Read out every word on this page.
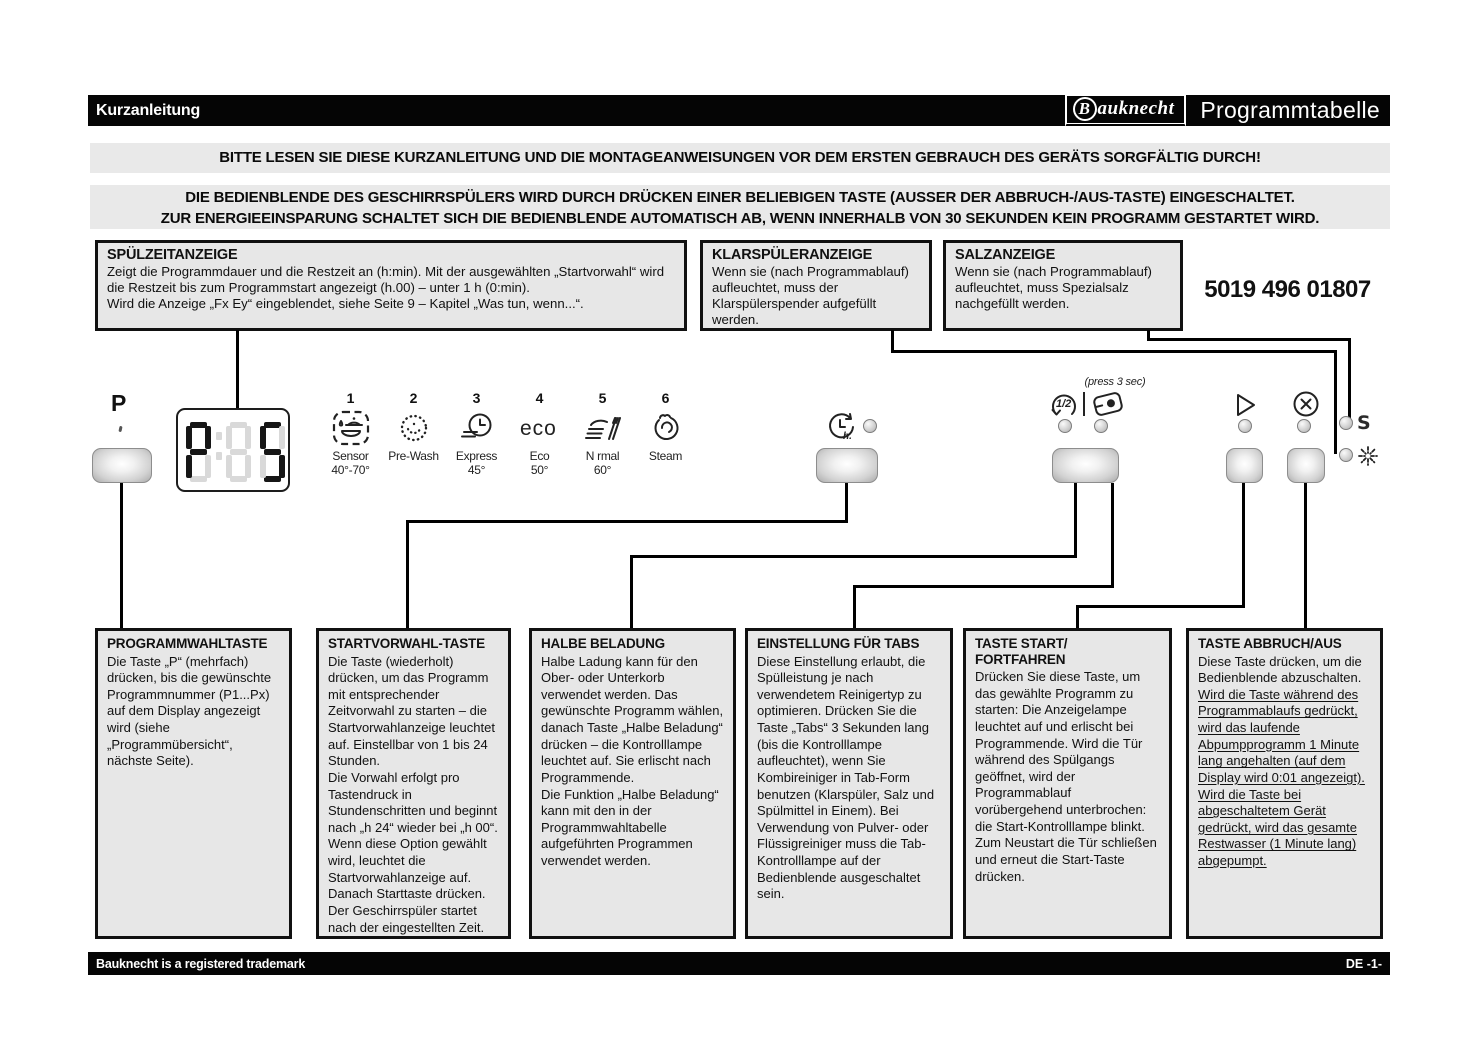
Kurzanleitung	B auknecht	Programmtabelle
BITTE LESEN SIE DIESE KURZANLEITUNG UND DIE MONTAGEANWEISUNGEN VOR DEM ERSTEN GEBRAUCH DES GERÄTS SORGFÄLTIG DURCH!
DIE BEDIENBLENDE DES GESCHIRRSPÜLERS WIRD DURCH DRÜCKEN EINER BELIEBIGEN TASTE (AUSSER DER ABBRUCH-/AUS-TASTE) EINGESCHALTET.
ZUR ENERGIEEINSPARUNG SCHALTET SICH DIE BEDIENBLENDE AUTOMATISCH AB, WENN INNERHALB VON 30 SEKUNDEN KEIN PROGRAMM GESTARTET WIRD.
SPÜLZEITANZEIGE
Zeigt die Programmdauer und die Restzeit an (h:min). Mit der ausgewählten „Startvorwahl“ wird die Restzeit bis zum Programmstart angezeigt (h.00) – unter 1 h (0:min).
Wird die Anzeige „Fx Ey“ eingeblendet, siehe Seite 9 – Kapitel „Was tun, wenn...“.
KLARSPÜLERANZEIGE
Wenn sie (nach Programmablauf) aufleuchtet, muss der Klarspülerspender aufgefüllt werden.
SALZANZEIGE
Wenn sie (nach Programmablauf) aufleuchtet, muss Spezialsalz nachgefüllt werden.
5019 496 01807
P	1
Sensor
40°-70°
2
Pre-Wash
3
Express
45°
4
eco
Eco
50°
5
N rmal
60°
6
Steam
h.
(press 3 sec)
1/2
S
PROGRAMMWAHLTASTE
Die Taste „P“ (mehrfach) drücken, bis die gewünschte Programmnummer (P1...Px) auf dem Display angezeigt wird (siehe „Programmübersicht“, nächste Seite).
STARTVORWAHL-TASTE
Die Taste (wiederholt) drücken, um das Programm mit entsprechender Zeitvorwahl zu starten – die Startvorwahlanzeige leuchtet auf. Einstellbar von 1 bis 24 Stunden.
Die Vorwahl erfolgt pro Tastendruck in Stundenschritten und beginnt nach „h 24“ wieder bei „h 00“. Wenn diese Option gewählt wird, leuchtet die Startvorwahlanzeige auf. Danach Starttaste drücken. Der Geschirrspüler startet nach der eingestellten Zeit.
HALBE BELADUNG
Halbe Ladung kann für den Ober- oder Unterkorb verwendet werden. Das gewünschte Programm wählen, danach Taste „Halbe Beladung“ drücken – die Kontrolllampe leuchtet auf. Sie erlischt nach Programmende.
Die Funktion „Halbe Beladung“ kann mit den in der Programmwahltabelle aufgeführten Programmen verwendet werden.
EINSTELLUNG FÜR TABS
Diese Einstellung erlaubt, die Spülleistung je nach verwendetem Reinigertyp zu optimieren. Drücken Sie die Taste „Tabs“ 3 Sekunden lang (bis die Kontrolllampe aufleuchtet), wenn Sie Kombireiniger in Tab-Form benutzen (Klarspüler, Salz und Spülmittel in Einem). Bei Verwendung von Pulver- oder Flüssigreiniger muss die Tab-Kontrolllampe auf der Bedienblende ausgeschaltet sein.
TASTE START/
FORTFAHREN
Drücken Sie diese Taste, um das gewählte Programm zu starten: Die Anzeigelampe leuchtet auf und erlischt bei Programmende. Wird die Tür während des Spülgangs geöffnet, wird der Programmablauf vorübergehend unterbrochen: die Start-Kontrolllampe blinkt. Zum Neustart die Tür schließen und erneut die Start-Taste drücken.
TASTE ABBRUCH/AUS
Diese Taste drücken, um die Bedienblende abzuschalten.
Wird die Taste während des Programmablaufs gedrückt, wird das laufende Abpumpprogramm 1 Minute lang angehalten (auf dem Display wird 0:01 angezeigt).
Wird die Taste bei abgeschaltetem Gerät gedrückt, wird das gesamte Restwasser (1 Minute lang) abgepumpt.
Bauknecht is a registered trademark	DE -1-
